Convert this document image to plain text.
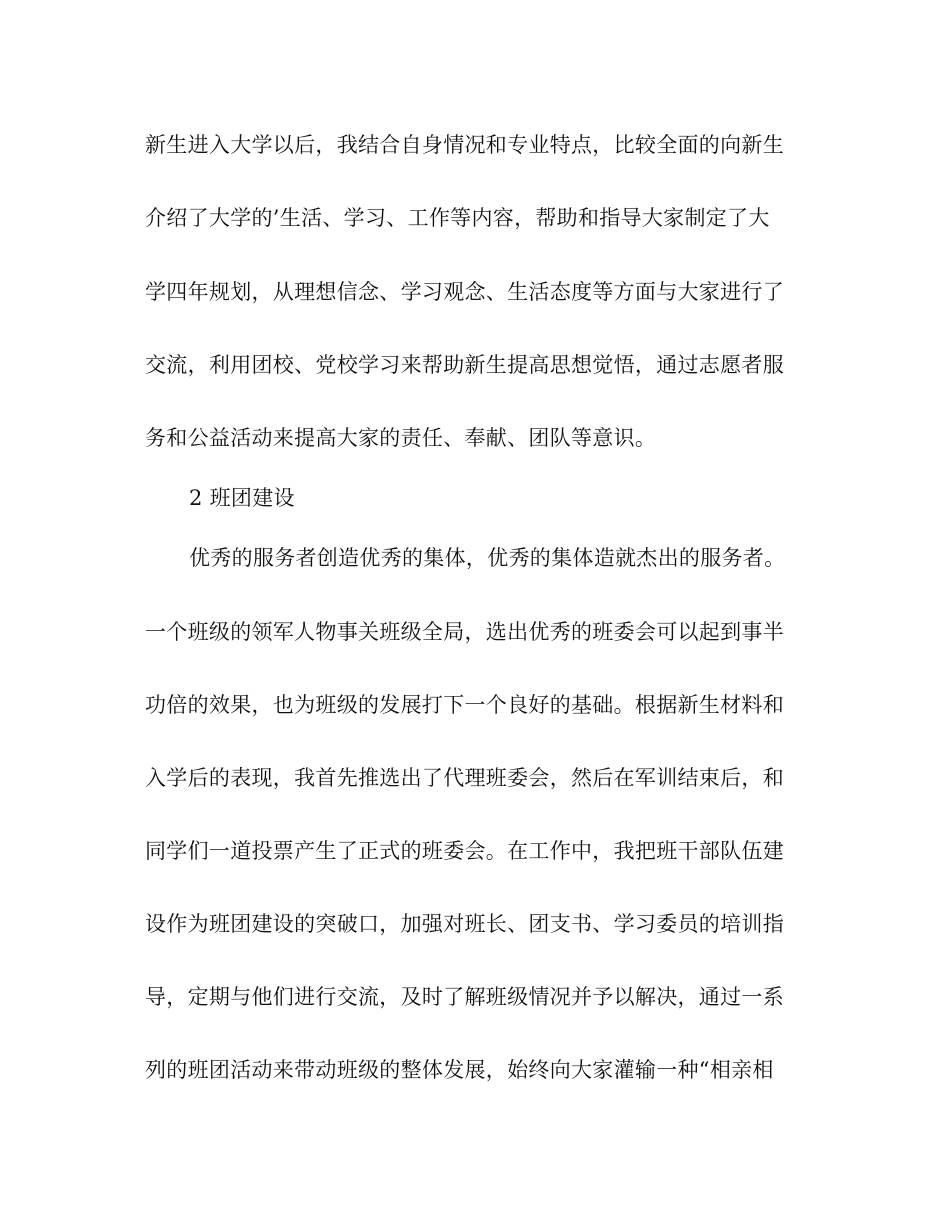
新生进入大学以后，我结合自身情况和专业特点，比较全面的向新生
介绍了大学的’生活、学习、工作等内容，帮助和指导大家制定了大
学四年规划，从理想信念、学习观念、生活态度等方面与大家进行了
交流，利用团校、党校学习来帮助新生提高思想觉悟，通过志愿者服
务和公益活动来提高大家的责任、奉献、团队等意识。
2 班团建设
优秀的服务者创造优秀的集体，优秀的集体造就杰出的服务者。
一个班级的领军人物事关班级全局，选出优秀的班委会可以起到事半
功倍的效果，也为班级的发展打下一个良好的基础。根据新生材料和
入学后的表现，我首先推选出了代理班委会，然后在军训结束后，和
同学们一道投票产生了正式的班委会。在工作中，我把班干部队伍建
设作为班团建设的突破口，加强对班长、团支书、学习委员的培训指
导，定期与他们进行交流，及时了解班级情况并予以解决，通过一系
列的班团活动来带动班级的整体发展，始终向大家灌输一种“相亲相
